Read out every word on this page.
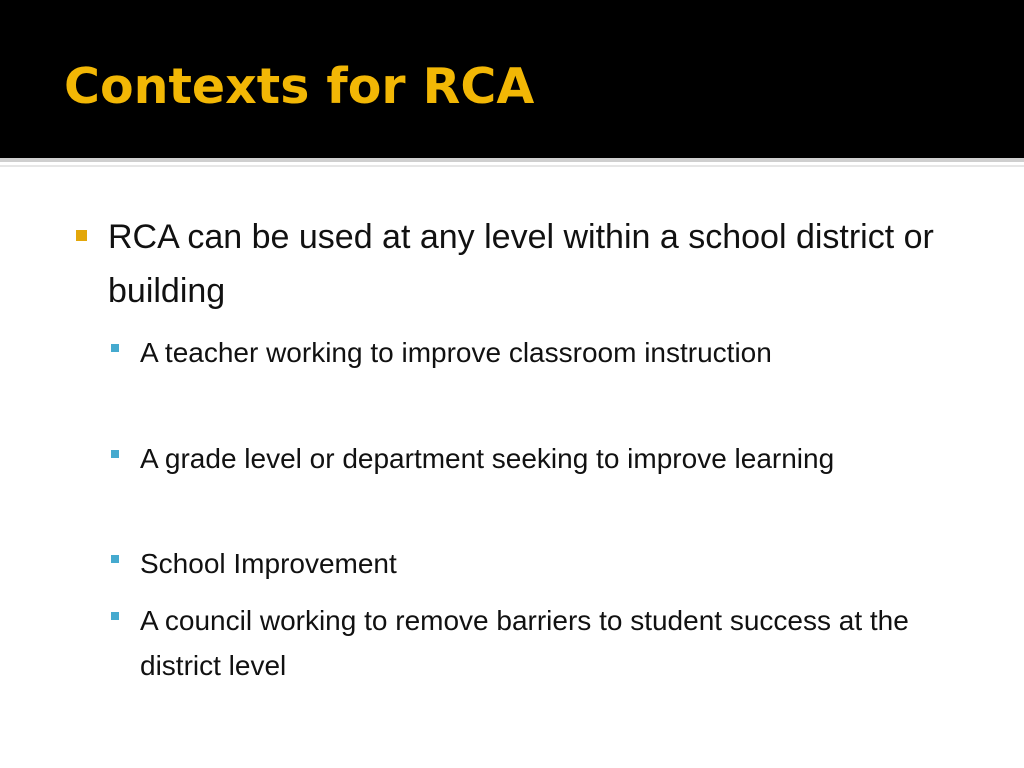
Contexts for RCA
RCA can be used at any level within a school district or building
A teacher working to improve classroom instruction
A grade level or department seeking to improve learning
School Improvement
A council working to remove barriers to student success at the district level
